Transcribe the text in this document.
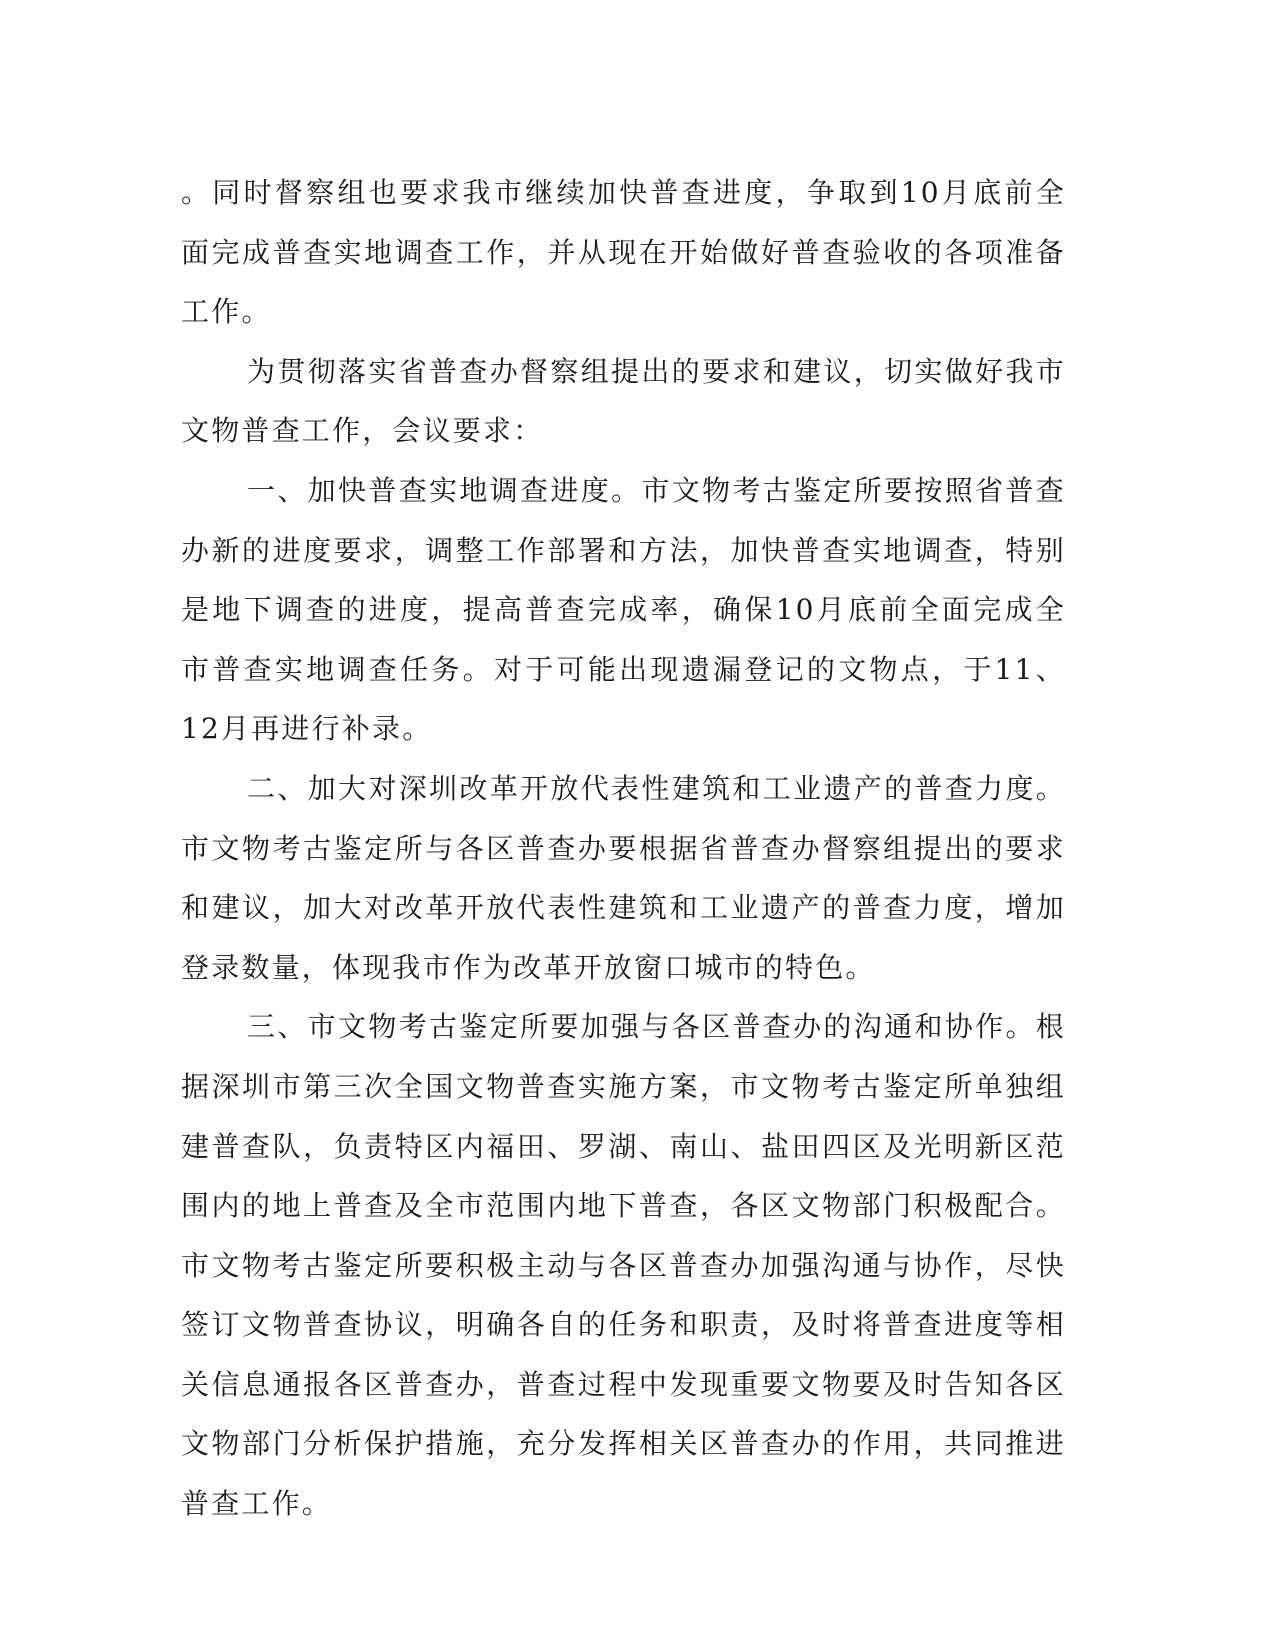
。同时督察组也要求我市继续加快普查进度，争取到10月底前全面完成普查实地调查工作，并从现在开始做好普查验收的各项准备工作。

为贯彻落实省普查办督察组提出的要求和建议，切实做好我市文物普查工作，会议要求：

一、加快普查实地调查进度。市文物考古鉴定所要按照省普查办新的进度要求，调整工作部署和方法，加快普查实地调查，特别是地下调查的进度，提高普查完成率，确保10月底前全面完成全市普查实地调查任务。对于可能出现遗漏登记的文物点，于11、12月再进行补录。

二、加大对深圳改革开放代表性建筑和工业遗产的普查力度。市文物考古鉴定所与各区普查办要根据省普查办督察组提出的要求和建议，加大对改革开放代表性建筑和工业遗产的普查力度，增加登录数量，体现我市作为改革开放窗口城市的特色。

三、市文物考古鉴定所要加强与各区普查办的沟通和协作。根据深圳市第三次全国文物普查实施方案，市文物考古鉴定所单独组建普查队，负责特区内福田、罗湖、南山、盐田四区及光明新区范围内的地上普查及全市范围内地下普查，各区文物部门积极配合。市文物考古鉴定所要积极主动与各区普查办加强沟通与协作，尽快签订文物普查协议，明确各自的任务和职责，及时将普查进度等相关信息通报各区普查办，普查过程中发现重要文物要及时告知各区文物部门分析保护措施，充分发挥相关区普查办的作用，共同推进普查工作。
